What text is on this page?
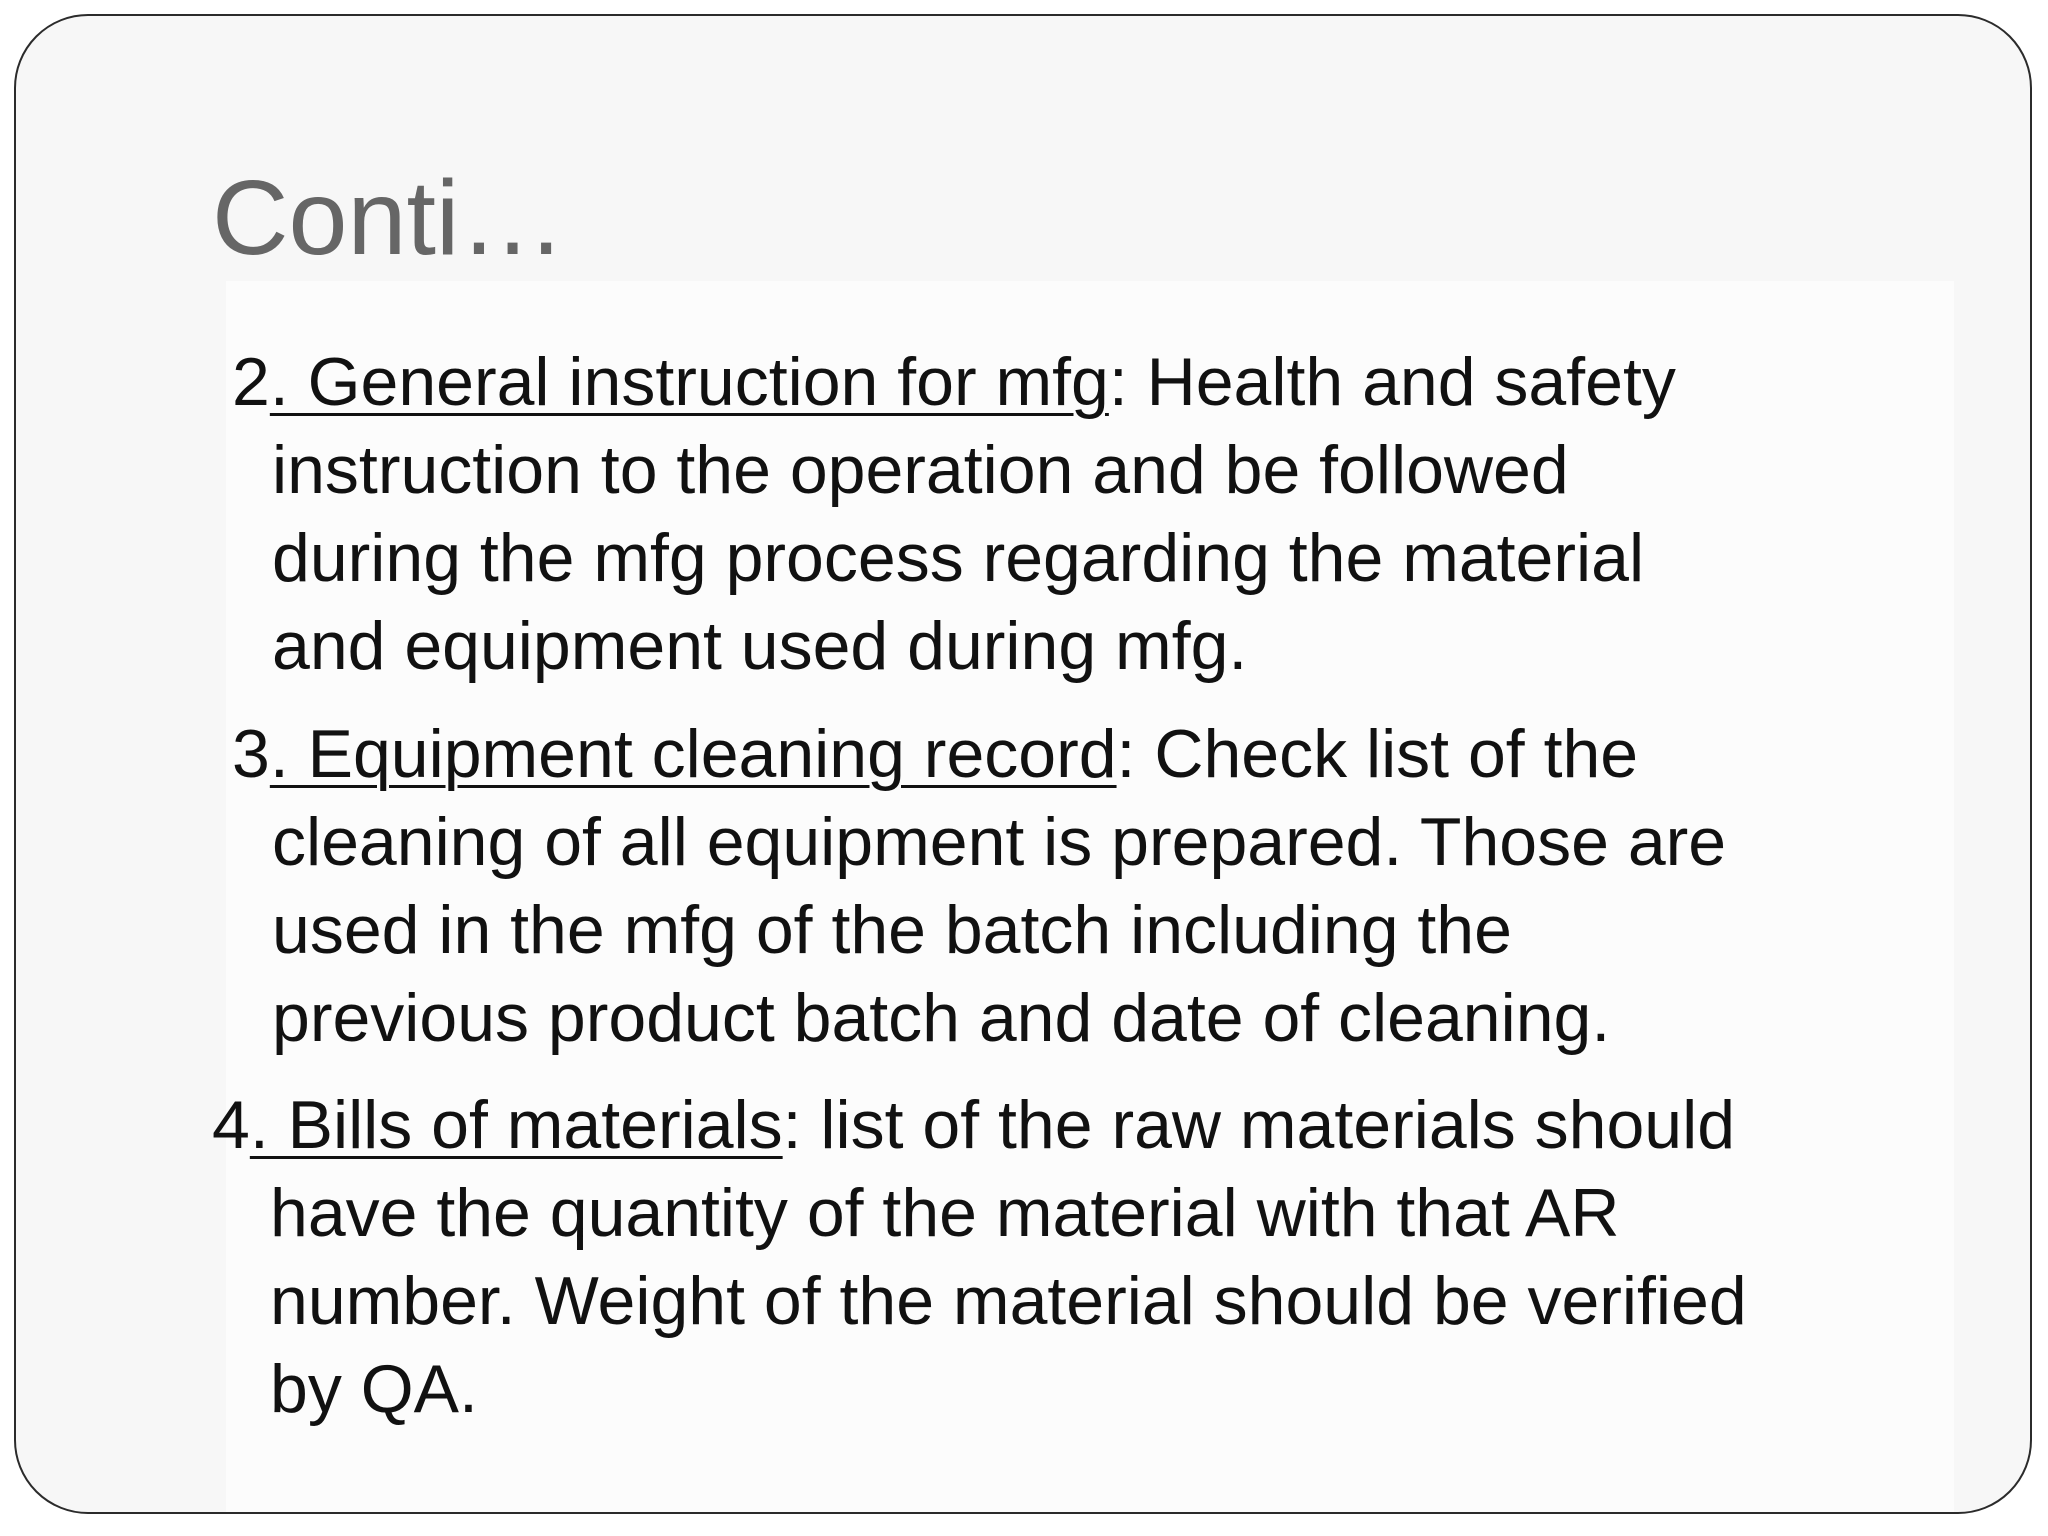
Conti…

2. General instruction for mfg: Health and safety
instruction to the operation and be followed
during the mfg process regarding the material
and equipment used during mfg.

3. Equipment cleaning record: Check list of the
cleaning of all equipment is prepared. Those are
used in the mfg of the batch including the
previous product batch and date of cleaning.

4. Bills of materials: list of the raw materials should
have the quantity of the material with that AR
number. Weight of the material should be verified
by QA.
